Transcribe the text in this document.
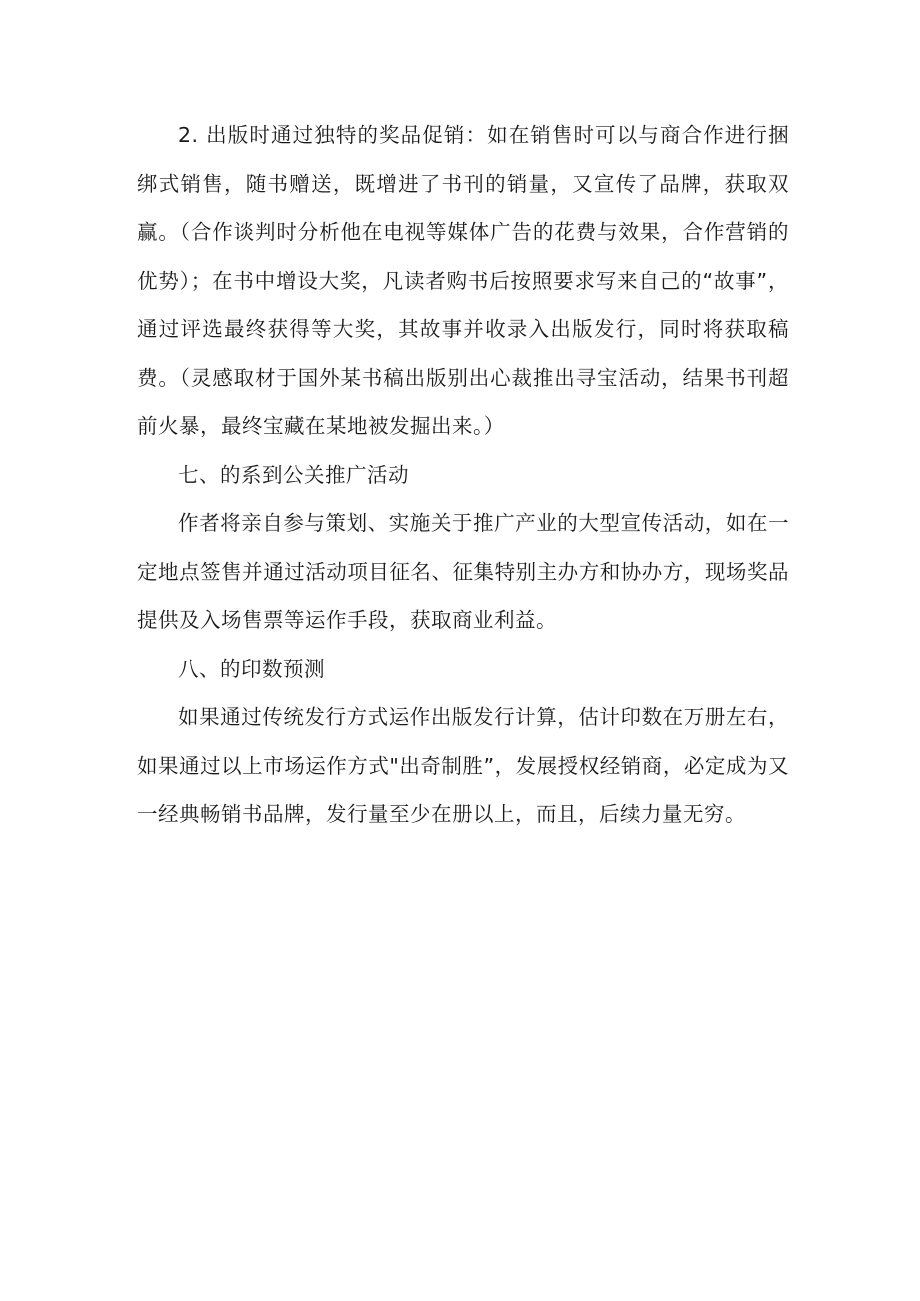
2. 出版时通过独特的奖品促销：如在销售时可以与商合作进行捆绑式销售，随书赠送，既增进了书刊的销量，又宣传了品牌，获取双赢。（合作谈判时分析他在电视等媒体广告的花费与效果，合作营销的优势）；在书中增设大奖，凡读者购书后按照要求写来自己的“故事”，通过评选最终获得等大奖，其故事并收录入出版发行，同时将获取稿费。（灵感取材于国外某书稿出版别出心裁推出寻宝活动，结果书刊超前火暴，最终宝藏在某地被发掘出来。）

七、的系到公关推广活动

作者将亲自参与策划、实施关于推广产业的大型宣传活动，如在一定地点签售并通过活动项目征名、征集特别主办方和协办方，现场奖品提供及入场售票等运作手段，获取商业利益。

八、的印数预测

如果通过传统发行方式运作出版发行计算，估计印数在万册左右，如果通过以上市场运作方式"出奇制胜”，发展授权经销商，必定成为又一经典畅销书品牌，发行量至少在册以上，而且，后续力量无穷。
